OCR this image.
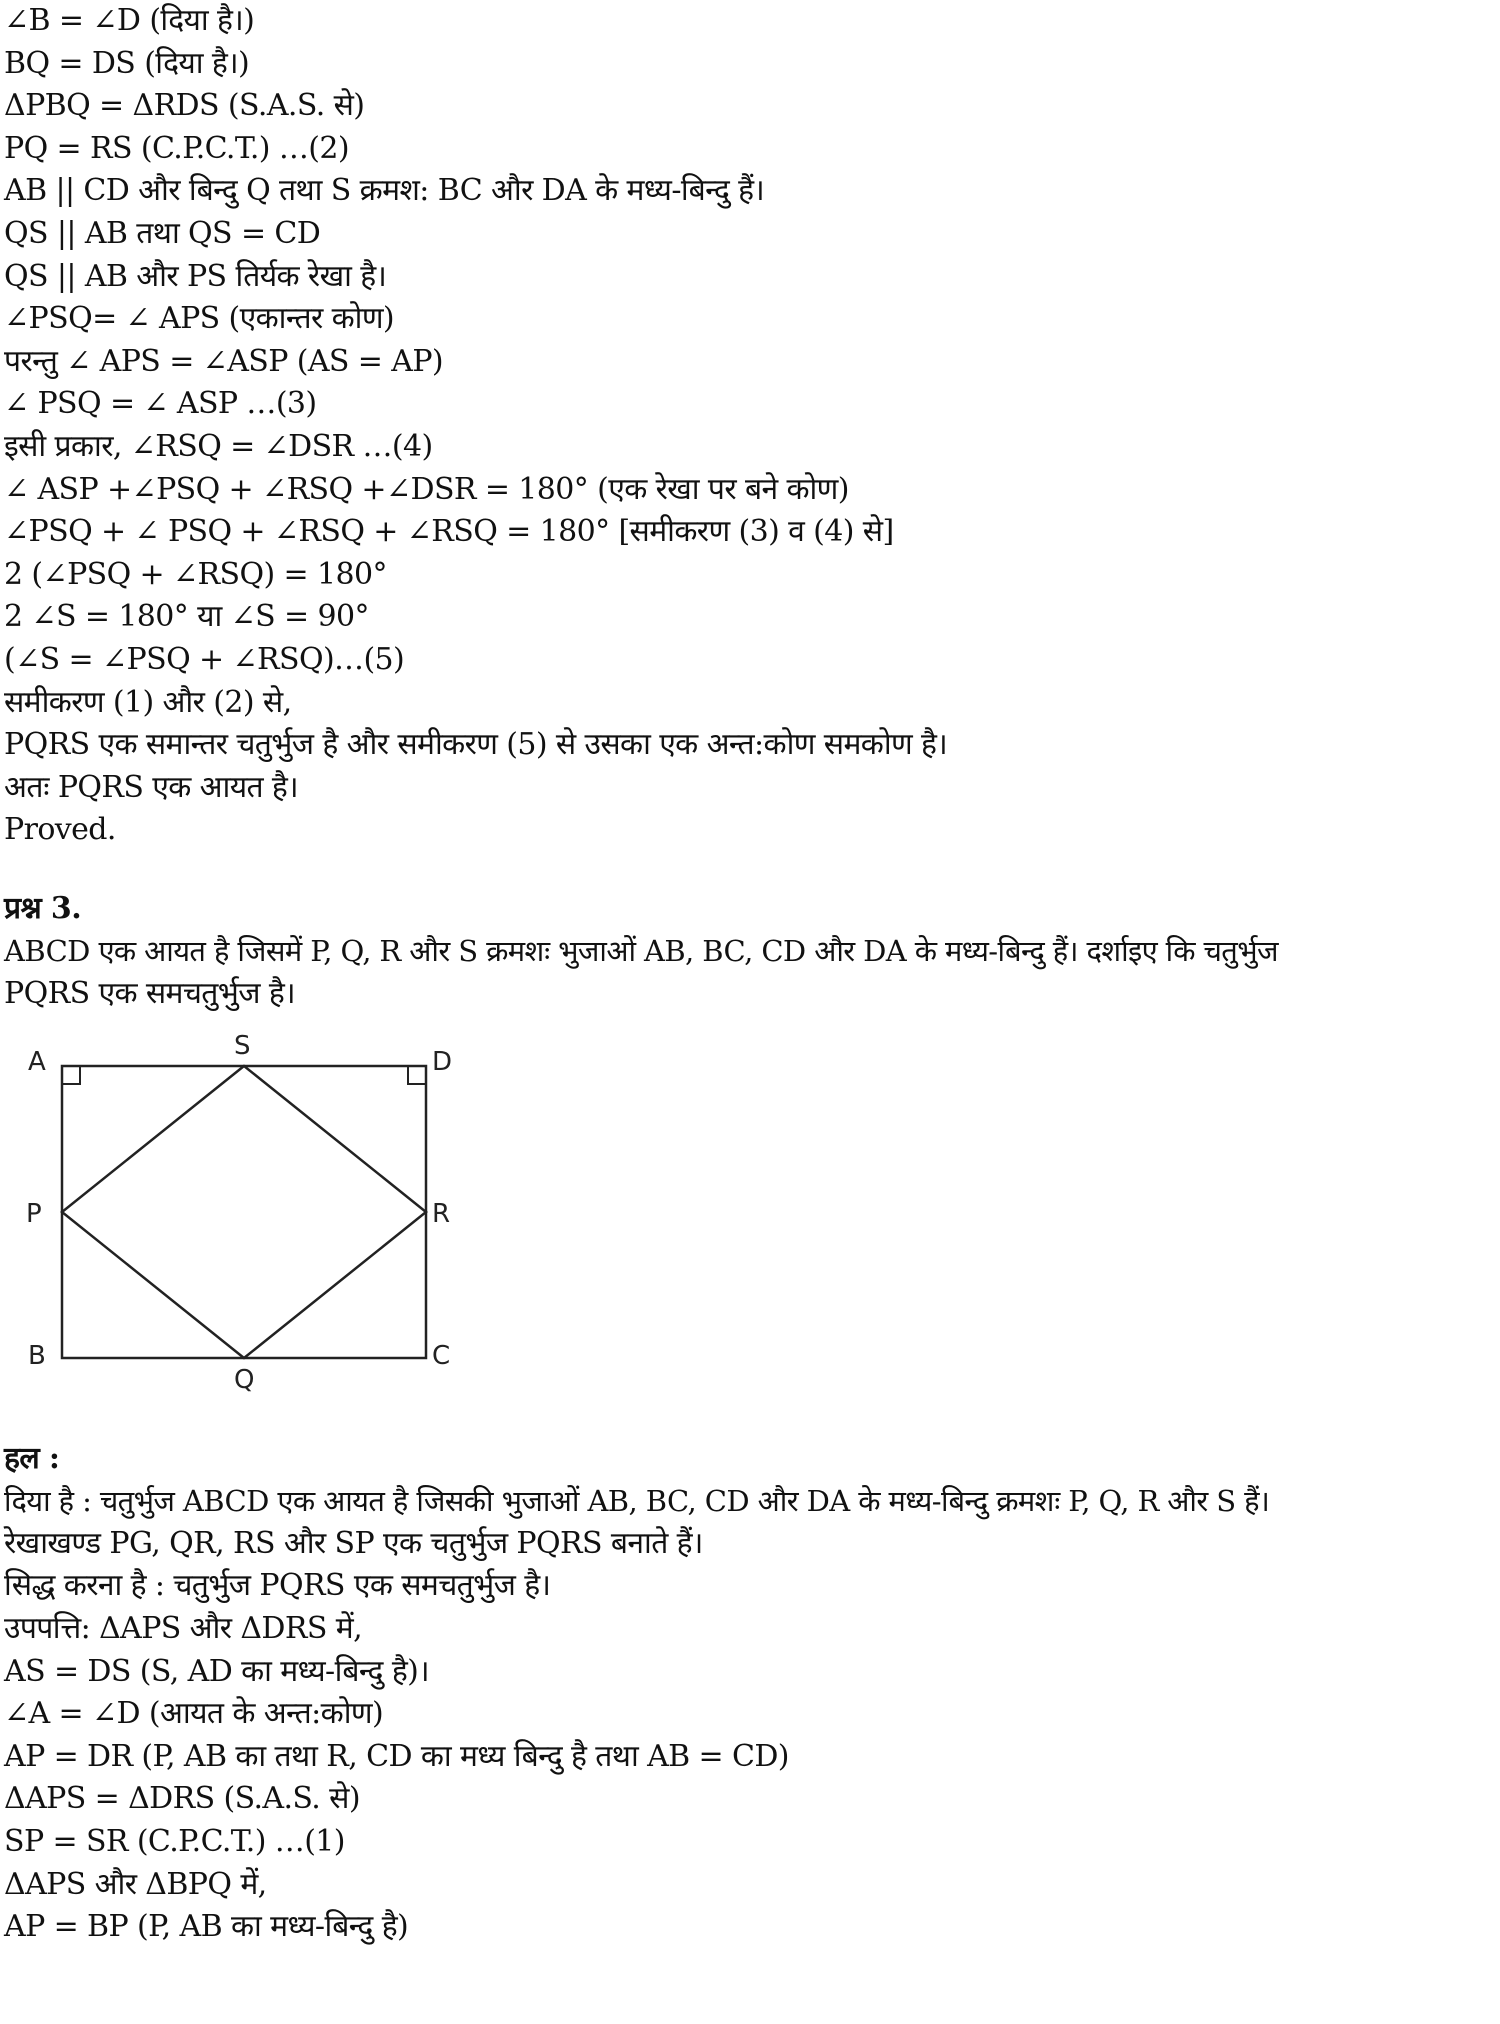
∠B = ∠D (दिया है।)
BQ = DS (दिया है।)
ΔPBQ = ΔRDS (S.A.S. से)
PQ = RS (C.P.C.T.) …(2)
AB || CD और बिन्दु Q तथा S क्रमश: BC और DA के मध्य-बिन्दु हैं।
QS || AB तथा QS = CD
QS || AB और PS तिर्यक रेखा है।
∠PSQ= ∠ APS (एकान्तर कोण)
परन्तु ∠ APS = ∠ASP (AS = AP)
∠ PSQ = ∠ ASP …(3)
इसी प्रकार, ∠RSQ = ∠DSR …(4)
∠ ASP +∠PSQ + ∠RSQ +∠DSR = 180° (एक रेखा पर बने कोण)
∠PSQ + ∠ PSQ + ∠RSQ + ∠RSQ = 180° [समीकरण (3) व (4) से]
2 (∠PSQ + ∠RSQ) = 180°
2 ∠S = 180° या ∠S = 90°
(∠S = ∠PSQ + ∠RSQ)…(5)
समीकरण (1) और (2) से,
PQRS एक समान्तर चतुर्भुज है और समीकरण (5) से उसका एक अन्त:कोण समकोण है।
अतः PQRS एक आयत है।
Proved.
प्रश्न 3.
ABCD एक आयत है जिसमें P, Q, R और S क्रमशः भुजाओं AB, BC, CD और DA के मध्य-बिन्दु हैं। दर्शाइए कि चतुर्भुज
PQRS एक समचतुर्भुज है।
A	D
B	C
S
Q
P	R
हल :
दिया है : चतुर्भुज ABCD एक आयत है जिसकी भुजाओं AB, BC, CD और DA के मध्य-बिन्दु क्रमशः P, Q, R और S हैं।
रेखाखण्ड PG, QR, RS और SP एक चतुर्भुज PQRS बनाते हैं।
सिद्ध करना है : चतुर्भुज PQRS एक समचतुर्भुज है।
उपपत्ति: ΔAPS और ΔDRS में,
AS = DS (S, AD का मध्य-बिन्दु है)।
∠A = ∠D (आयत के अन्त:कोण)
AP = DR (P, AB का तथा R, CD का मध्य बिन्दु है तथा AB = CD)
ΔAPS = ΔDRS (S.A.S. से)
SP = SR (C.P.C.T.) …(1)
ΔAPS और ΔBPQ में,
AP = BP (P, AB का मध्य-बिन्दु है)
